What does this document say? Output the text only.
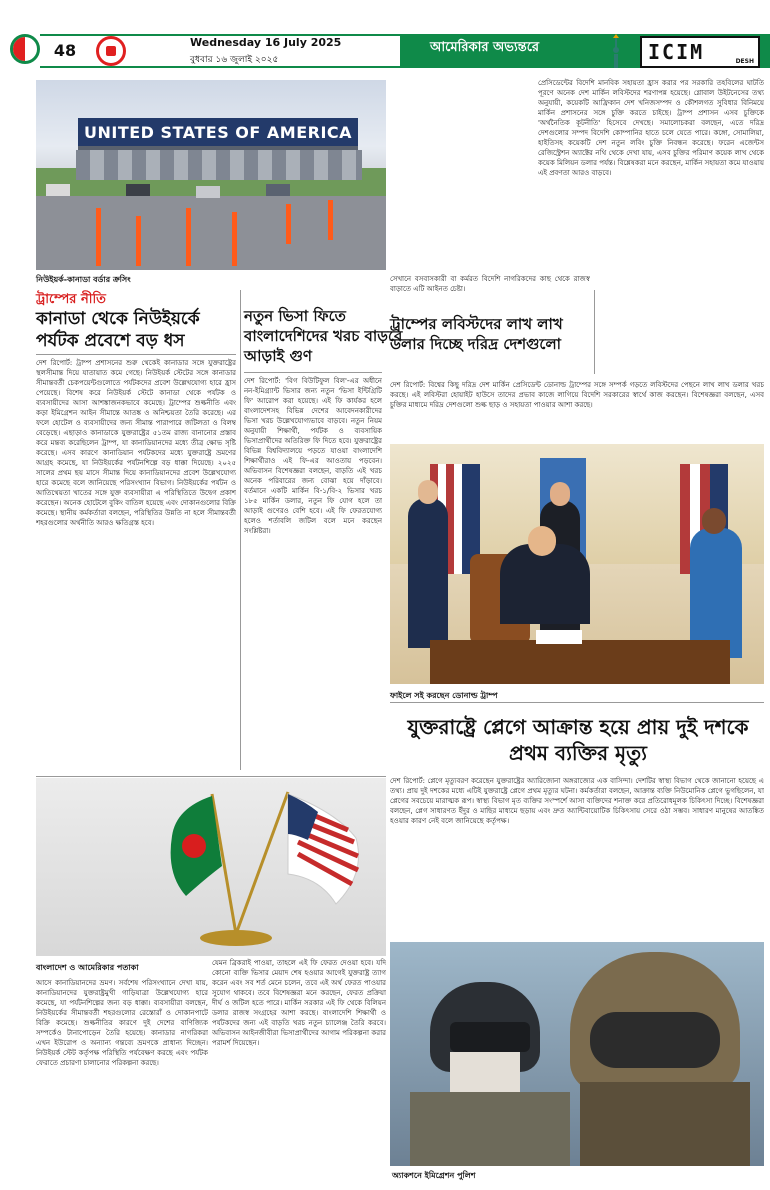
48	Wednesday 16 July 2025
বুধবার ১৬ জুলাই ২০২৫
আমেরিকার অভ্যন্তরে	ICIM	DESH
UNITED STATES OF AMERICA
নিউইয়র্ক-কানাডা বর্ডার ক্রসিং
ট্রাম্পের নীতি
কানাডা থেকে নিউইয়র্কে পর্যটক প্রবেশে বড় ধস
দেশ রিপোর্ট: ট্রাম্প প্রশাসনের শুরু থেকেই কানাডার সঙ্গে যুক্তরাষ্ট্রের স্থলসীমান্ত দিয়ে যাতায়াত কমে গেছে। নিউইয়র্ক স্টেটের সঙ্গে কানাডার সীমান্তবর্তী চেকপয়েন্টগুলোতে পর্যটকদের প্রবেশ উল্লেখযোগ্য হারে হ্রাস পেয়েছে। বিশেষ করে নিউইয়র্ক স্টেটে কানাডা থেকে পর্যটক ও ব্যবসায়ীদের আসা আশঙ্কাজনকভাবে কমেছে। ট্রাম্পের শুল্কনীতি এবং কড়া ইমিগ্রেশন আইন সীমান্তে আতঙ্ক ও অনিশ্চয়তা তৈরি করেছে। এর ফলে হোটেল ও ব্যবসায়ীদের জন্য সীমান্ত পারাপারে জটিলতা ও বিলম্ব বেড়েছে। এছাড়াও কানাডাকে যুক্তরাষ্ট্রের ৫১তম রাজ্য বানানোর প্রস্তাব করে মন্তব্য করেছিলেন ট্রাম্প, যা কানাডিয়ানদের মধ্যে তীব্র ক্ষোভ সৃষ্টি করেছে। এসব কারণে কানাডিয়ান পর্যটকদের মধ্যে যুক্তরাষ্ট্রে ভ্রমণের আগ্রহ কমেছে, যা নিউইয়র্কের পর্যটনশিল্পে বড় ধাক্কা দিয়েছে। ২০২৫ সালের প্রথম ছয় মাসে সীমান্ত দিয়ে কানাডিয়ানদের প্রবেশ উল্লেখযোগ্য হারে কমেছে বলে জানিয়েছে পরিসংখ্যান বিভাগ। নিউইয়র্কের পর্যটন ও আতিথেয়তা খাতের সঙ্গে যুক্ত ব্যবসায়ীরা এ পরিস্থিতিতে উদ্বেগ প্রকাশ করেছেন। অনেক হোটেলে বুকিং বাতিল হয়েছে এবং দোকানগুলোর বিক্রি কমেছে। স্থানীয় কর্মকর্তারা বলছেন, পরিস্থিতির উন্নতি না হলে সীমান্তবর্তী শহরগুলোর অর্থনীতি আরও ক্ষতিগ্রস্ত হবে।
নতুন ভিসা ফিতে বাংলাদেশিদের খরচ বাড়বে আড়াই গুণ
দেশ রিপোর্ট: 'বিগ বিউটিফুল বিল'-এর অধীনে নন-ইমিগ্র্যান্ট ভিসার জন্য নতুন 'ভিসা ইন্টিগ্রিটি ফি' আরোপ করা হয়েছে। এই ফি কার্যকর হলে বাংলাদেশসহ বিভিন্ন দেশের আবেদনকারীদের ভিসা খরচ উল্লেখযোগ্যভাবে বাড়বে। নতুন নিয়ম অনুযায়ী শিক্ষার্থী, পর্যটক ও ব্যবসায়িক ভিসাপ্রার্থীদের অতিরিক্ত ফি দিতে হবে। যুক্তরাষ্ট্রের বিভিন্ন বিশ্ববিদ্যালয়ে পড়তে যাওয়া বাংলাদেশি শিক্ষার্থীরাও এই ফি-এর আওতায় পড়বেন। অভিবাসন বিশেষজ্ঞরা বলছেন, বাড়তি এই খরচ অনেক পরিবারের জন্য বোঝা হয়ে দাঁড়াবে। বর্তমানে একটি মার্কিন বি-১/বি-২ ভিসার খরচ ১৮৫ মার্কিন ডলার, নতুন ফি যোগ হলে তা আড়াই গুণেরও বেশি হবে। এই ফি ফেরতযোগ্য হলেও শর্তাবলি জটিল বলে মনে করছেন সংশ্লিষ্টরা।
সেখানে বসবাসকারী বা কর্মরত বিদেশি নাগরিকদের কাছ থেকে রাজস্ব বাড়াতে এটি আইনত চেষ্টা।
ট্রাম্পের লবিস্টদের লাখ লাখ ডলার দিচ্ছে দরিদ্র দেশগুলো
দেশ রিপোর্ট: বিশ্বের কিছু দরিদ্র দেশ মার্কিন প্রেসিডেন্ট ডোনাল্ড ট্রাম্পের সঙ্গে সম্পর্ক গড়তে লবিস্টদের পেছনে লাখ লাখ ডলার খরচ করছে। এই লবিস্টরা হোয়াইট হাউসে তাদের প্রভাব কাজে লাগিয়ে বিদেশি সরকারের স্বার্থে কাজ করছেন। বিশেষজ্ঞরা বলছেন, এসব চুক্তির মাধ্যমে দরিদ্র দেশগুলো শুল্ক ছাড় ও সহায়তা পাওয়ার আশা করছে।
ফাইলে সই করছেন ডোনাল্ড ট্রাম্প
প্রেসিডেন্টের বিদেশি মানবিক সহায়তা হ্রাস করার পর সরকারি তহবিলের ঘাটতি পূরণে অনেক দেশ মার্কিন লবিস্টদের শরণাপন্ন হয়েছে। গ্লোবাল উইটনেসের তথ্য অনুযায়ী, কয়েকটি আফ্রিকান দেশ খনিজসম্পদ ও কৌশলগত সুবিধার বিনিময়ে মার্কিন প্রশাসনের সঙ্গে চুক্তি করতে চাইছে। ট্রাম্প প্রশাসন এসব চুক্তিকে 'অর্থনৈতিক কূটনীতি' হিসেবে দেখছে। সমালোচকরা বলছেন, এতে দরিদ্র দেশগুলোর সম্পদ বিদেশি কোম্পানির হাতে চলে যেতে পারে। কঙ্গো, সোমালিয়া, হাইতিসহ কয়েকটি দেশ নতুন লবিং চুক্তি নিবন্ধন করেছে। ফরেন এজেন্টস রেজিস্ট্রেশন অ্যাক্টের নথি থেকে দেখা যায়, এসব চুক্তির পরিমাণ কয়েক লাখ থেকে কয়েক মিলিয়ন ডলার পর্যন্ত। বিশ্লেষকরা মনে করছেন, মার্কিন সহায়তা কমে যাওয়ায় এই প্রবণতা আরও বাড়বে।
বাংলাদেশ ও আমেরিকার পতাকা
আসে কানাডিয়ানদের ভ্রমণ। সর্বশেষ পরিসংখ্যানে দেখা যায়, কানাডিয়ানদের যুক্তরাষ্ট্রমুখী গাড়িযাত্রা উল্লেখযোগ্য হারে কমেছে, যা পর্যটনশিল্পের জন্য বড় ধাক্কা। ব্যবসায়ীরা বলছেন, নিউইয়র্কের সীমান্তবর্তী শহরগুলোর রেস্তোরাঁ ও দোকানপাটে বিক্রি কমেছে। শুল্কনীতির কারণে দুই দেশের বাণিজ্যিক সম্পর্কেও টানাপোড়েন তৈরি হয়েছে। কানাডার নাগরিকরা এখন ইউরোপ ও অন্যান্য গন্তব্যে ভ্রমণকে প্রাধান্য দিচ্ছেন। নিউইয়র্ক স্টেট কর্তৃপক্ষ পরিস্থিতি পর্যবেক্ষণ করছে এবং পর্যটক ফেরাতে প্রচারণা চালানোর পরিকল্পনা করছে।
যেমন ব্রিকরাই পাওয়া, তাহলে এই ফি ফেরত দেওয়া হবে। যদি কোনো ব্যক্তি ভিসার মেয়াদ শেষ হওয়ার আগেই যুক্তরাষ্ট্র ত্যাগ করেন এবং সব শর্ত মেনে চলেন, তবে এই অর্থ ফেরত পাওয়ার সুযোগ থাকবে। তবে বিশেষজ্ঞরা মনে করছেন, ফেরত প্রক্রিয়া দীর্ঘ ও জটিল হতে পারে। মার্কিন সরকার এই ফি থেকে বিলিয়ন ডলার রাজস্ব সংগ্রহের আশা করছে। বাংলাদেশি শিক্ষার্থী ও পর্যটকদের জন্য এই বাড়তি খরচ নতুন চ্যালেঞ্জ তৈরি করবে। অভিবাসন আইনজীবীরা ভিসাপ্রার্থীদের আগাম পরিকল্পনা করার পরামর্শ দিয়েছেন।
যুক্তরাষ্ট্রে প্লেগে আক্রান্ত হয়ে প্রায় দুই দশকে প্রথম ব্যক্তির মৃত্যু
দেশ রিপোর্ট: প্লেগে মৃত্যুবরণ করেছেন যুক্তরাষ্ট্রের অ্যারিজোনা অঙ্গরাজ্যের এক বাসিন্দা। দেশটির স্বাস্থ্য বিভাগ থেকে জানানো হয়েছে এ তথ্য। প্রায় দুই দশকের মধ্যে এটিই যুক্তরাষ্ট্রে প্লেগে প্রথম মৃত্যুর ঘটনা। কর্মকর্তারা বলছেন, আক্রান্ত ব্যক্তি নিউমোনিক প্লেগে ভুগছিলেন, যা প্লেগের সবচেয়ে মারাত্মক রূপ। স্বাস্থ্য বিভাগ মৃত ব্যক্তির সংস্পর্শে আসা ব্যক্তিদের শনাক্ত করে প্রতিরোধমূলক চিকিৎসা দিচ্ছে। বিশেষজ্ঞরা বলছেন, প্লেগ সাধারণত ইঁদুর ও মাছির মাধ্যমে ছড়ায় এবং দ্রুত অ্যান্টিবায়োটিক চিকিৎসায় সেরে ওঠা সম্ভব। সাধারণ মানুষের আতঙ্কিত হওয়ার কারণ নেই বলে জানিয়েছে কর্তৃপক্ষ।
অ্যাকশনে ইমিগ্রেশন পুলিশ
